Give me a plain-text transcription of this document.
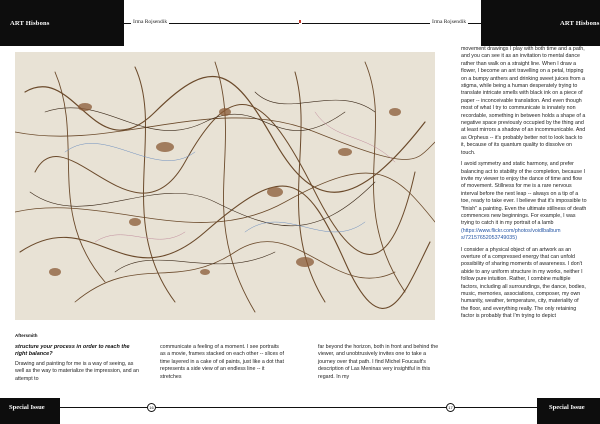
ART Hisbons	Irma Rojsendik	Irma Rojsendik	ART Hisbons
Aftersmith
structure your process in order to reach the right balance?
Drawing and painting for me is a way of seeing, as well as the way to materialize the impression, and an attempt to
communicate a feeling of a moment. I see portraits as a movie, frames stacked on each other -- slices of time layered in a cake of oil paints, just like a dot that represents a side view of an endless line -- it stretches
far beyond the horizon, both in front and behind the viewer, and unobtrusively invites one to take a journey over that path. I find Michel Foucault's description of Las Meninas very insightful in this regard. In my

movement drawings I play with both time and a path, and you can see it as an invitation to mental dance rather than walk on a straight line. When I draw a flower, I become an ant travelling on a petal, tripping on a bumpy anthers and drinking sweet juices from a stigma, while being a human desperately trying to translate intricate smells with black ink on a piece of paper -- inconceivable translation. And even though most of what I try to communicate is innately non recordable, something in between holds a shape of a negative space previously occupied by the thing and at least mirrors a shadow of an incommunicable. And as Orpheus -- it's probably better not to look back to it, because of its quantum quality to dissolve on touch.

I avoid symmetry and static harmony, and prefer balancing act to stability of the completion, because I invite my viewer to enjoy the dance of time and flow of movement. Stillness for me is a rare nervous interval before the next leap -- always on a tip of a toe, ready to take ever. I believe that it's impossible to "finish" a painting. Even the ultimate stillness of death commences new beginnings. For example, I was trying to catch it in my portrait of a lamb (https://www.flickr.com/photos/voidlbalbum s/72157652053749035)

I consider a physical object of an artwork as an overture of a compressed energy that can unfold possibility of sharing moments of awareness. I don't abide to any uniform structure in my works, neither I follow pure intuition. Rather, I combine multiple factors, including all surroundings, the dance, bodies, music, memories, associations, composer, my own humanity, weather, temperature, city, materiality of the floor, and everything really. The only retaining factor is probably that I'm trying to depict

Special Issue	16	17	Special Issue
